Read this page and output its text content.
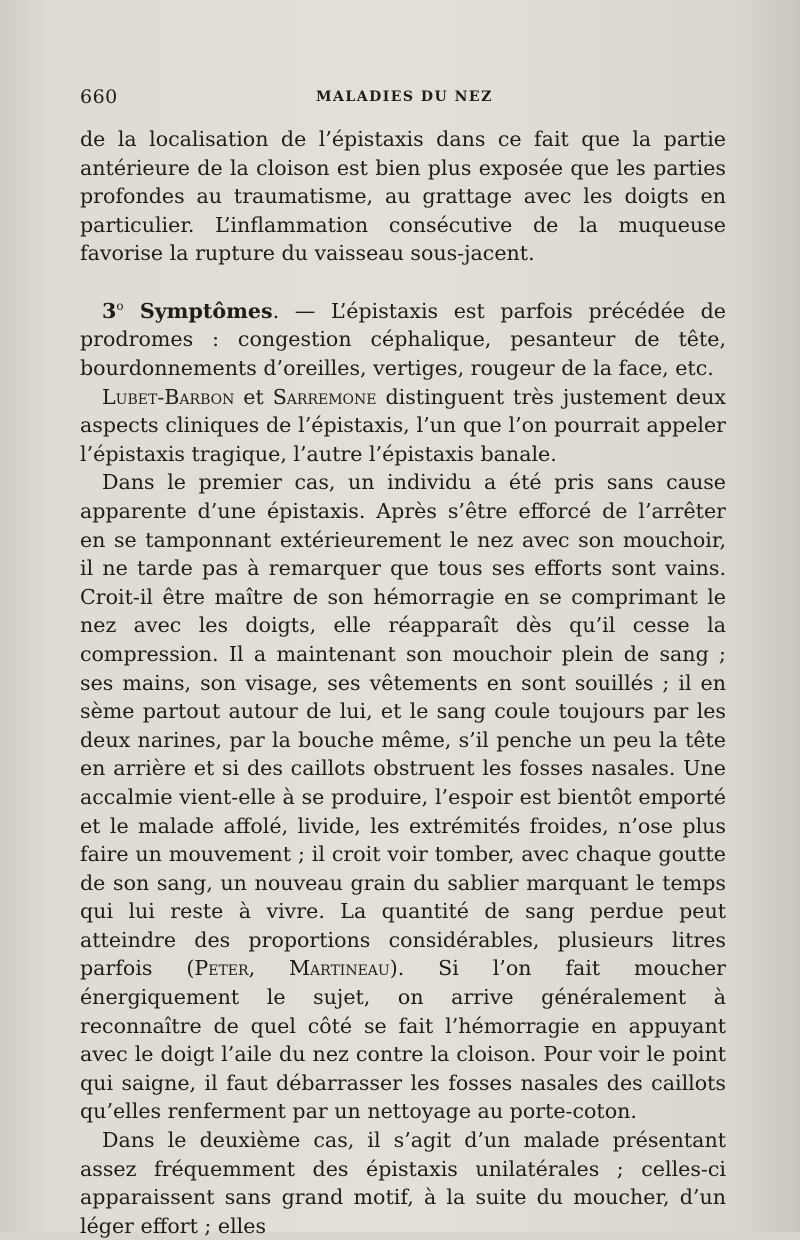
660	MALADIES DU NEZ

de la localisation de l’épistaxis dans ce fait que la partie antérieure de la cloison est bien plus exposée que les parties profondes au traumatisme, au grattage avec les doigts en particulier. L’inflammation consécutive de la muqueuse favorise la rupture du vaisseau sous-jacent.

3$^o$ Symptômes. — L’épistaxis est parfois précédée de prodromes : congestion céphalique, pesanteur de tête, bourdonnements d’oreilles, vertiges, rougeur de la face, etc.

Lubet-Barbon et Sarremone distinguent très justement deux aspects cliniques de l’épistaxis, l’un que l’on pourrait appeler l’épistaxis tragique, l’autre l’épistaxis banale.

Dans le premier cas, un individu a été pris sans cause apparente d’une épistaxis. Après s’être efforcé de l’arrêter en se tamponnant extérieurement le nez avec son mouchoir, il ne tarde pas à remarquer que tous ses efforts sont vains. Croit-il être maître de son hémorragie en se comprimant le nez avec les doigts, elle réapparaît dès qu’il cesse la compression. Il a maintenant son mouchoir plein de sang ; ses mains, son visage, ses vêtements en sont souillés ; il en sème partout autour de lui, et le sang coule toujours par les deux narines, par la bouche même, s’il penche un peu la tête en arrière et si des caillots obstruent les fosses nasales. Une accalmie vient-elle à se produire, l’espoir est bientôt emporté et le malade affolé, livide, les extrémités froides, n’ose plus faire un mouvement ; il croit voir tomber, avec chaque goutte de son sang, un nouveau grain du sablier marquant le temps qui lui reste à vivre. La quantité de sang perdue peut atteindre des proportions considérables, plusieurs litres parfois (Peter, Martineau). Si l’on fait moucher énergiquement le sujet, on arrive généralement à reconnaître de quel côté se fait l’hémorragie en appuyant avec le doigt l’aile du nez contre la cloison. Pour voir le point qui saigne, il faut débarrasser les fosses nasales des caillots qu’elles renferment par un nettoyage au porte-coton.

Dans le deuxième cas, il s’agit d’un malade présentant assez fréquemment des épistaxis unilatérales ; celles-ci apparaissent sans grand motif, à la suite du moucher, d’un léger effort ; elles
